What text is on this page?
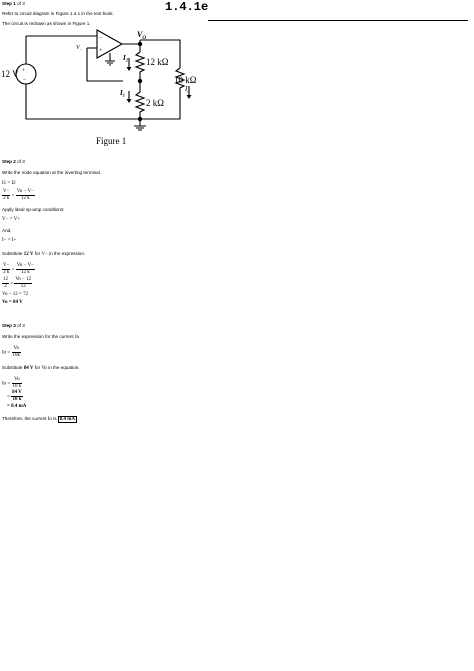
1.4.1e
Step 1 of 3
Refer to circuit diagram in Figure 1.4.1 in the text book.
The circuit is redrawn as shown in Figure 1.
+
−
12 V
−
+
$V_-$
$V_O$
12 kΩ
2 kΩ
10 kΩ
$I_2$
$I_1$
$I_o$
Figure 1
Step 2 of 3
Write the node equation at the inverting terminal.
I1 = I2
$\frac{V-}{2 k} = \frac{Vo - V-}{12 k}$
Apply ideal op-amp conditions:
V− = V+
And,
I− = I+
Substitute 12 V for V− in the expression.
$\frac{V-}{2 k} = \frac{Vo - V-}{12 k}$
$\frac{12}{2} = \frac{Vo - 12}{12}$
Vo − 12 = 72
Vo = 84 V
Step 3 of 3
Write the expression for the current Io
$Io = \frac{Vo}{10k}$
Substitute 84 V for Vo in the equation.
$Io = \frac{Vo}{10 k}$
= $\frac{84 V}{10 k}$
= 8.4 mA
Therefore, the current Io is 8.4 mA
